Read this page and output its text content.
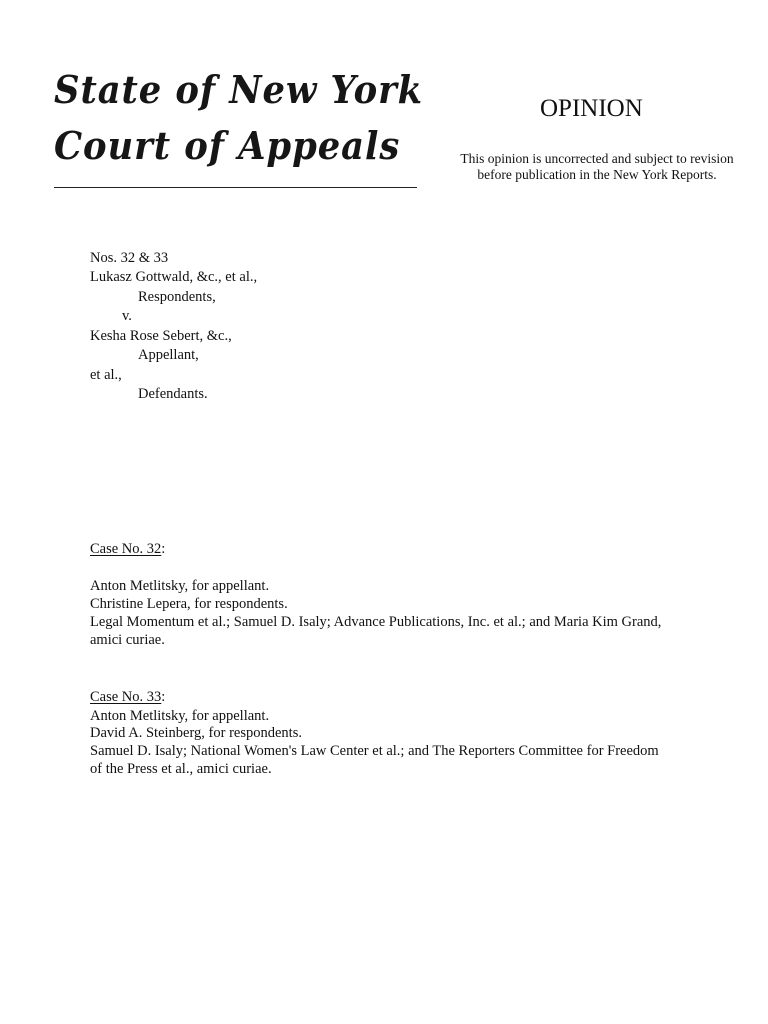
State of New York
Court of Appeals
OPINION
This opinion is uncorrected and subject to revision
before publication in the New York Reports.
Nos. 32 & 33
Lukasz Gottwald, &c., et al.,
Respondents,
v.
Kesha Rose Sebert, &c.,
Appellant,
et al.,
Defendants.
Case No. 32:
Anton Metlitsky, for appellant.
Christine Lepera, for respondents.
Legal Momentum et al.; Samuel D. Isaly; Advance Publications, Inc. et al.; and Maria Kim Grand,
amici curiae.
Case No. 33:
Anton Metlitsky, for appellant.
David A. Steinberg, for respondents.
Samuel D. Isaly; National Women's Law Center et al.; and The Reporters Committee for Freedom
of the Press et al., amici curiae.
